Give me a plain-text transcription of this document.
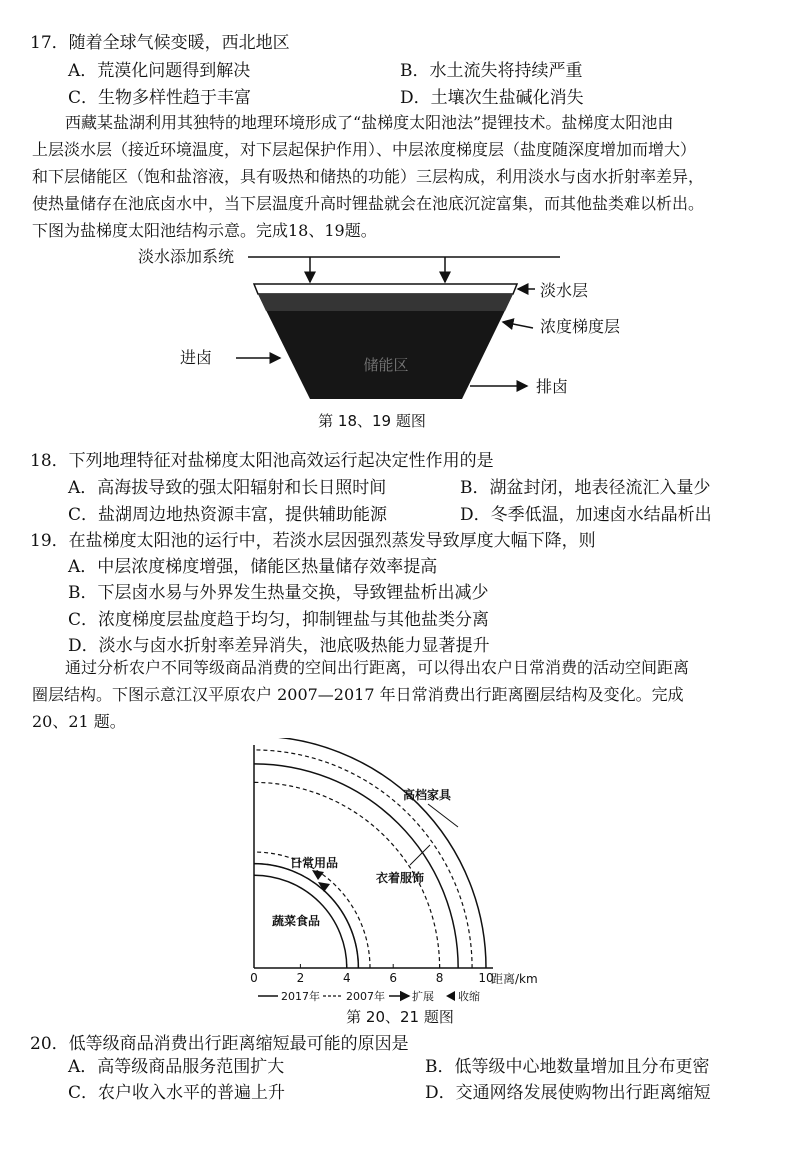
17．随着全球气候变暖，西北地区
A．荒漠化问题得到解决	B．水土流失将持续严重
C．生物多样性趋于丰富	D．土壤次生盐碱化消失
西藏某盐湖利用其独特的地理环境形成了“盐梯度太阳池法”提锂技术。盐梯度太阳池由
上层淡水层（接近环境温度，对下层起保护作用）、中层浓度梯度层（盐度随深度增加而增大）
和下层储能区（饱和盐溶液，具有吸热和储热的功能）三层构成，利用淡水与卤水折射率差异，
使热量储存在池底卤水中，当下层温度升高时锂盐就会在池底沉淀富集，而其他盐类难以析出。
下图为盐梯度太阳池结构示意。完成18、19题。
淡水添加系统
储能区
淡水层
浓度梯度层
进卤
排卤
第 18、19 题图
18．下列地理特征对盐梯度太阳池高效运行起决定性作用的是
A．高海拔导致的强太阳辐射和长日照时间	B．湖盆封闭，地表径流汇入量少
C．盐湖周边地热资源丰富，提供辅助能源	D．冬季低温，加速卤水结晶析出
19．在盐梯度太阳池的运行中，若淡水层因强烈蒸发导致厚度大幅下降，则
A．中层浓度梯度增强，储能区热量储存效率提高
B．下层卤水易与外界发生热量交换，导致锂盐析出减少
C．浓度梯度层盐度趋于均匀，抑制锂盐与其他盐类分离
D．淡水与卤水折射率差异消失，池底吸热能力显著提升
通过分析农户不同等级商品消费的空间出行距离，可以得出农户日常消费的活动空间距离
圈层结构。下图示意江汉平原农户 2007—2017 年日常消费出行距离圈层结构及变化。完成
20、21 题。
0	2	4	6	8	10
距离/km
蔬菜食品
日常用品
衣着服饰
高档家具
2017年 2007年 扩展 收缩
第 20、21 题图
20．低等级商品消费出行距离缩短最可能的原因是
A．高等级商品服务范围扩大	B．低等级中心地数量增加且分布更密
C．农户收入水平的普遍上升	D．交通网络发展使购物出行距离缩短
